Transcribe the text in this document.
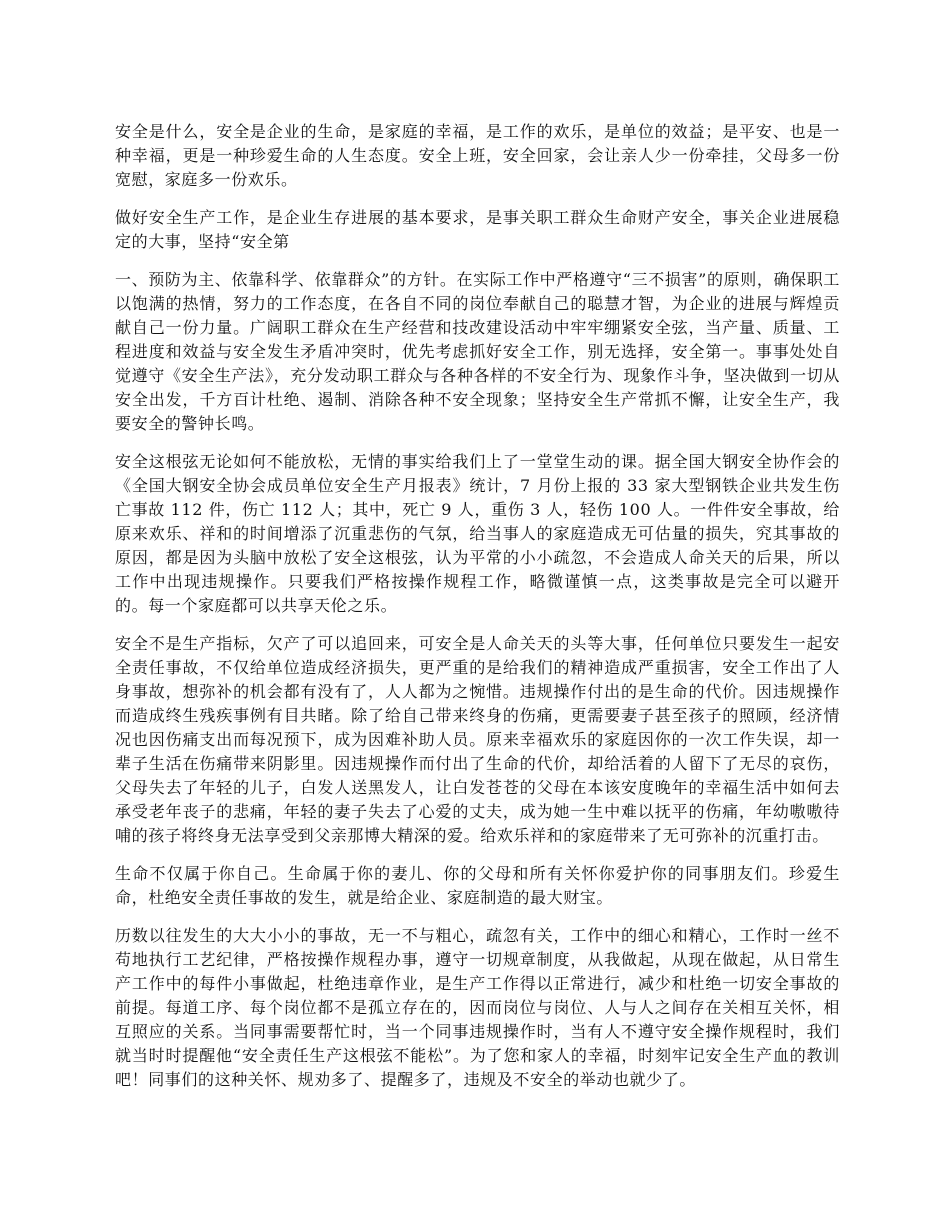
安全是什么，安全是企业的生命，是家庭的幸福，是工作的欢乐，是单位的效益；是平安、也是一种幸福，更是一种珍爱生命的人生态度。安全上班，安全回家，会让亲人少一份牵挂，父母多一份宽慰，家庭多一份欢乐。

做好安全生产工作，是企业生存进展的基本要求，是事关职工群众生命财产安全，事关企业进展稳定的大事，坚持“安全第

一、预防为主、依靠科学、依靠群众”的方针。在实际工作中严格遵守“三不损害”的原则，确保职工以饱满的热情，努力的工作态度，在各自不同的岗位奉献自己的聪慧才智，为企业的进展与辉煌贡献自己一份力量。广阔职工群众在生产经营和技改建设活动中牢牢绷紧安全弦，当产量、质量、工程进度和效益与安全发生矛盾冲突时，优先考虑抓好安全工作，别无选择，安全第一。事事处处自觉遵守《安全生产法》，充分发动职工群众与各种各样的不安全行为、现象作斗争，坚决做到一切从安全出发，千方百计杜绝、遏制、消除各种不安全现象；坚持安全生产常抓不懈，让安全生产，我要安全的警钟长鸣。

安全这根弦无论如何不能放松，无情的事实给我们上了一堂堂生动的课。据全国大钢安全协作会的《全国大钢安全协会成员单位安全生产月报表》统计，7 月份上报的 33 家大型钢铁企业共发生伤亡事故 112 件，伤亡 112 人；其中，死亡 9 人，重伤 3 人，轻伤 100 人。一件件安全事故，给原来欢乐、祥和的时间增添了沉重悲伤的气氛，给当事人的家庭造成无可估量的损失，究其事故的原因，都是因为头脑中放松了安全这根弦，认为平常的小小疏忽，不会造成人命关天的后果，所以工作中出现违规操作。只要我们严格按操作规程工作，略微谨慎一点，这类事故是完全可以避开的。每一个家庭都可以共享天伦之乐。

安全不是生产指标，欠产了可以追回来，可安全是人命关天的头等大事，任何单位只要发生一起安全责任事故，不仅给单位造成经济损失，更严重的是给我们的精神造成严重损害，安全工作出了人身事故，想弥补的机会都有没有了，人人都为之惋惜。违规操作付出的是生命的代价。因违规操作而造成终生残疾事例有目共睹。除了给自己带来终身的伤痛，更需要妻子甚至孩子的照顾，经济情况也因伤痛支出而每况预下，成为因难补助人员。原来幸福欢乐的家庭因你的一次工作失误，却一辈子生活在伤痛带来阴影里。因违规操作而付出了生命的代价，却给活着的人留下了无尽的哀伤，父母失去了年轻的儿子，白发人送黑发人，让白发苍苍的父母在本该安度晚年的幸福生活中如何去承受老年丧子的悲痛，年轻的妻子失去了心爱的丈夫，成为她一生中难以抚平的伤痛，年幼嗷嗷待哺的孩子将终身无法享受到父亲那博大精深的爱。给欢乐祥和的家庭带来了无可弥补的沉重打击。

生命不仅属于你自己。生命属于你的妻儿、你的父母和所有关怀你爱护你的同事朋友们。珍爱生命，杜绝安全责任事故的发生，就是给企业、家庭制造的最大财宝。

历数以往发生的大大小小的事故，无一不与粗心，疏忽有关，工作中的细心和精心，工作时一丝不苟地执行工艺纪律，严格按操作规程办事，遵守一切规章制度，从我做起，从现在做起，从日常生产工作中的每件小事做起，杜绝违章作业，是生产工作得以正常进行，减少和杜绝一切安全事故的前提。每道工序、每个岗位都不是孤立存在的，因而岗位与岗位、人与人之间存在关相互关怀，相互照应的关系。当同事需要帮忙时，当一个同事违规操作时，当有人不遵守安全操作规程时，我们就当时时提醒他“安全责任生产这根弦不能松”。为了您和家人的幸福，时刻牢记安全生产血的教训吧！同事们的这种关怀、规劝多了、提醒多了，违规及不安全的举动也就少了。
